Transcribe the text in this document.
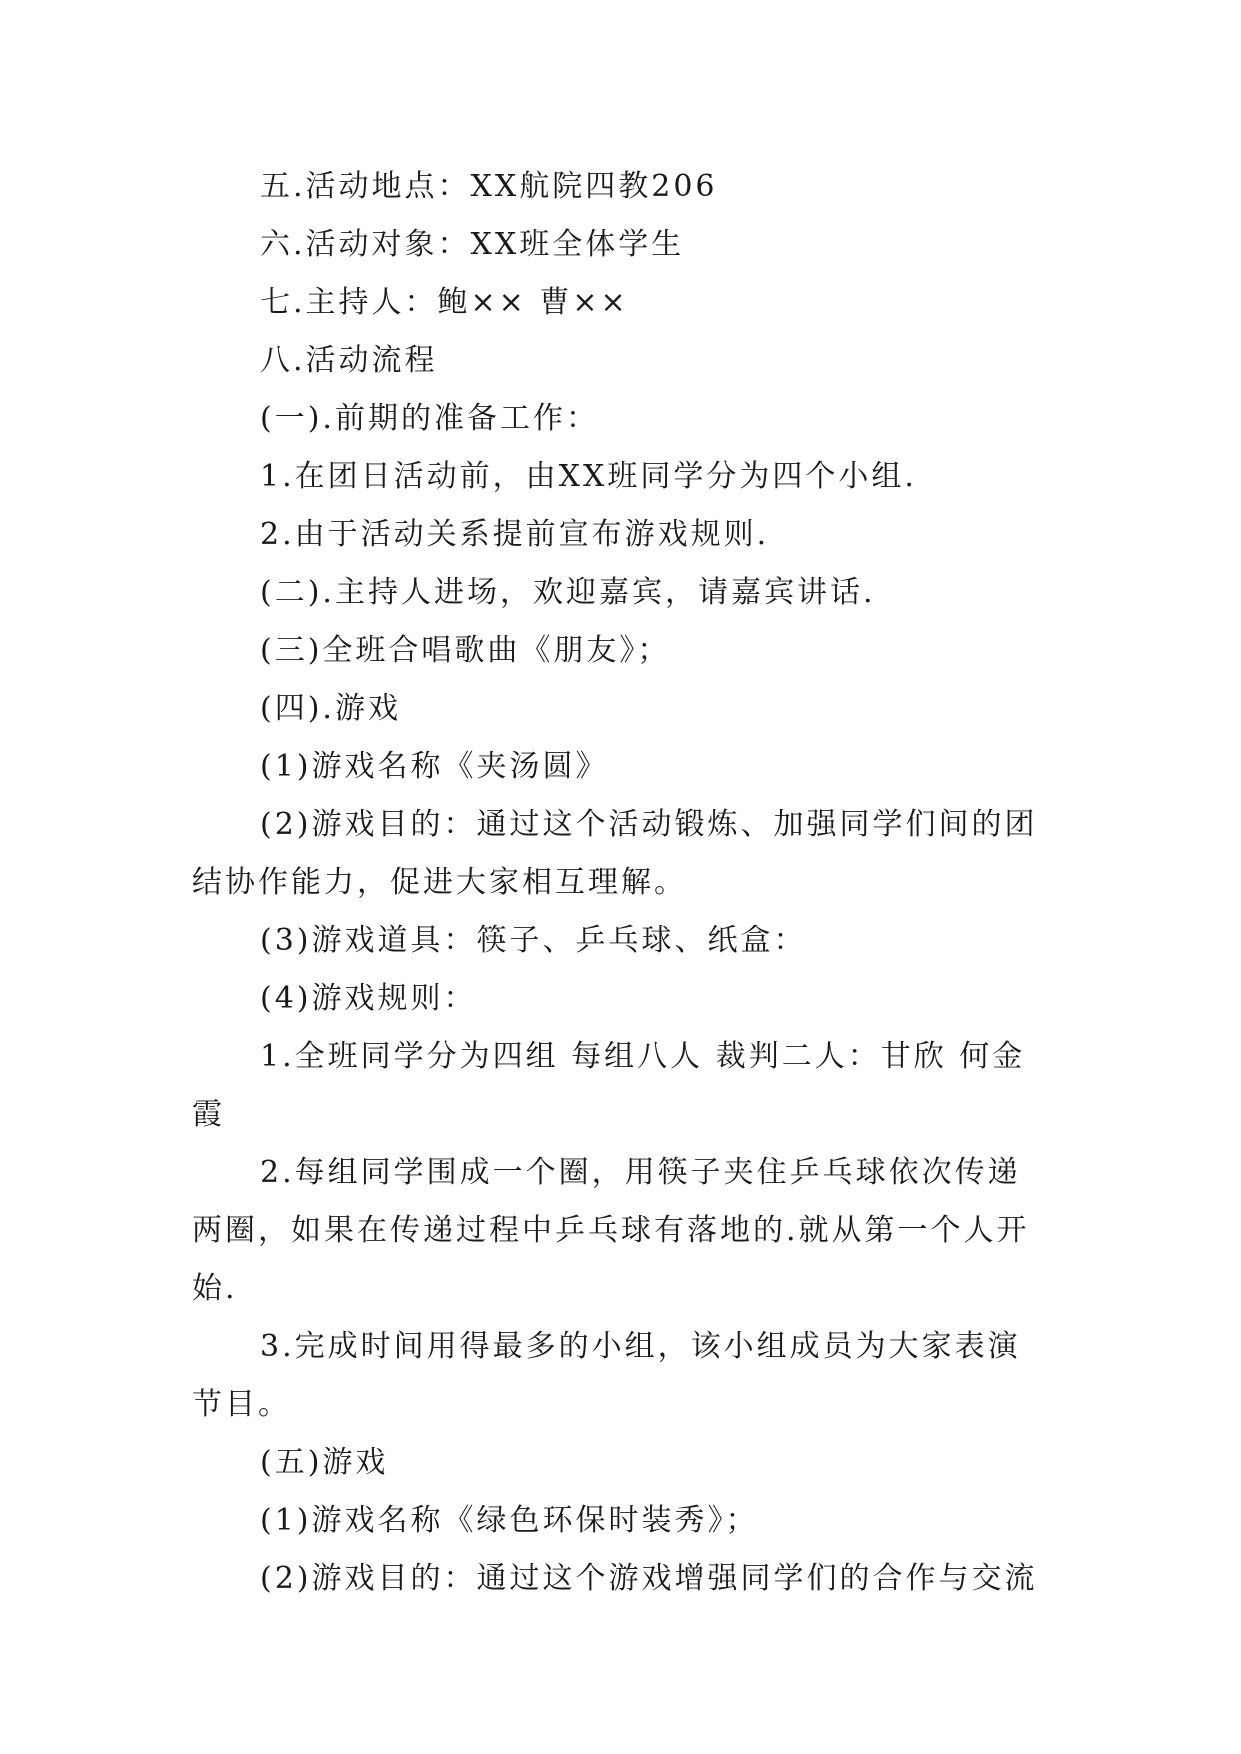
五.活动地点：XX航院四教206

六.活动对象：XX班全体学生

七.主持人：鲍×× 曹××

八.活动流程

(一).前期的准备工作：

1.在团日活动前，由XX班同学分为四个小组.

2.由于活动关系提前宣布游戏规则.

(二).主持人进场，欢迎嘉宾，请嘉宾讲话.

(三)全班合唱歌曲《朋友》；

(四).游戏

(1)游戏名称《夹汤圆》

(2)游戏目的：通过这个活动锻炼、加强同学们间的团结协作能力，促进大家相互理解。

(3)游戏道具：筷子、乒乓球、纸盒：

(4)游戏规则：

1.全班同学分为四组 每组八人 裁判二人：甘欣 何金霞

2.每组同学围成一个圈，用筷子夹住乒乓球依次传递两圈，如果在传递过程中乒乓球有落地的.就从第一个人开始.

3.完成时间用得最多的小组，该小组成员为大家表演节目。

(五)游戏

(1)游戏名称《绿色环保时装秀》；

(2)游戏目的：通过这个游戏增强同学们的合作与交流
